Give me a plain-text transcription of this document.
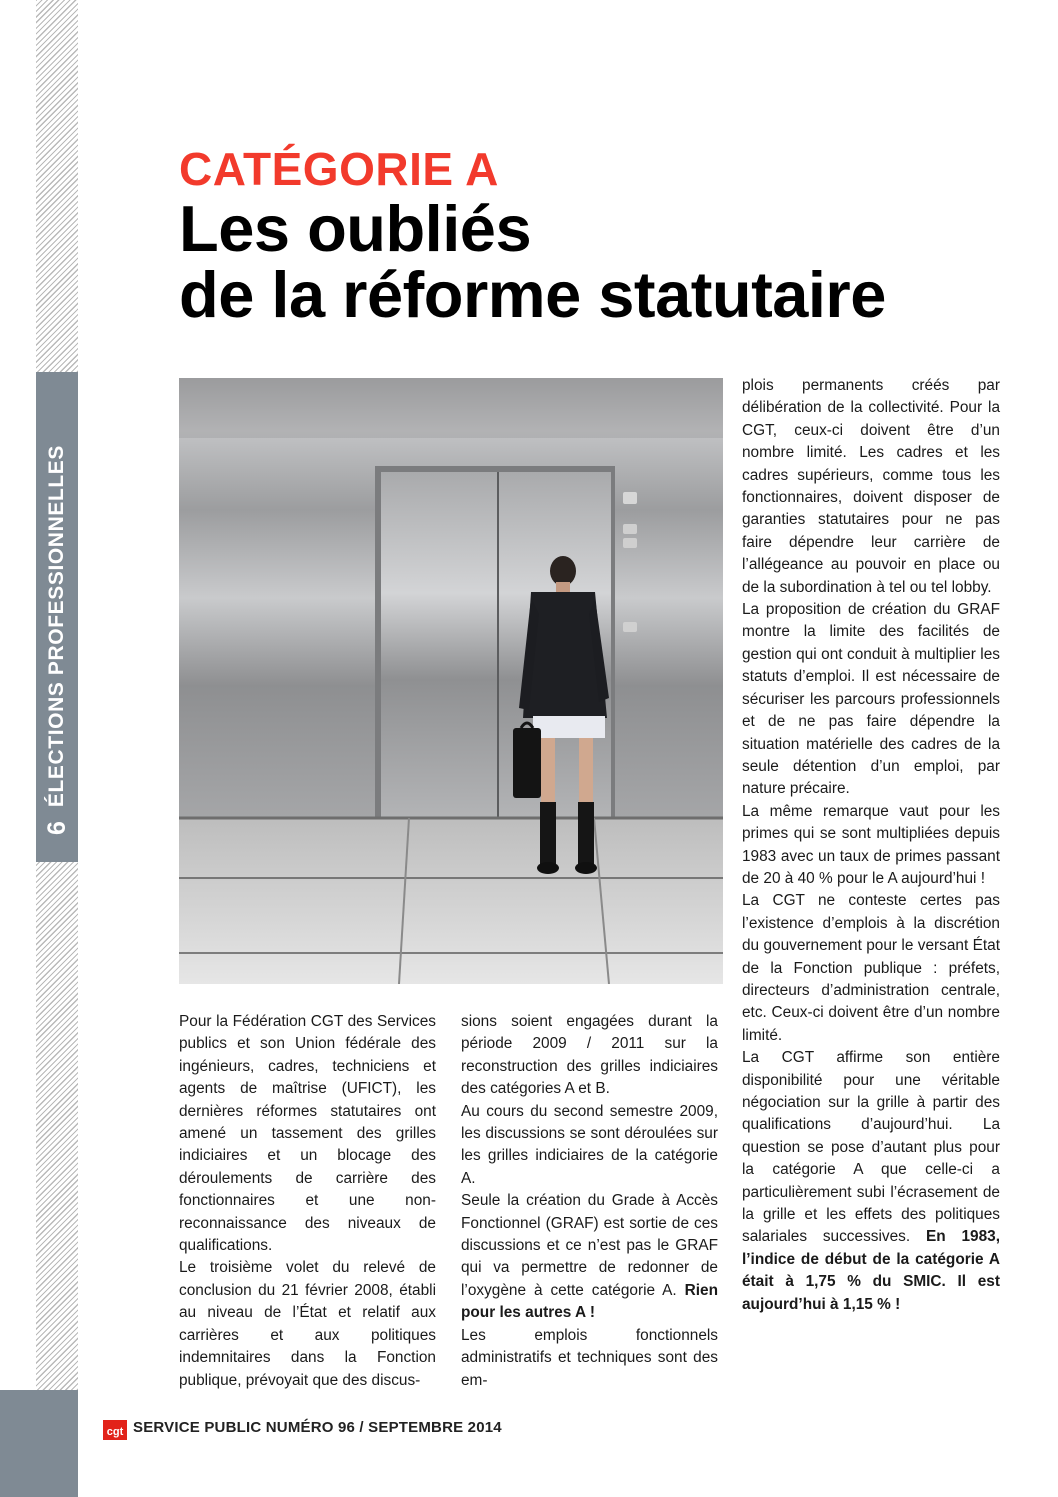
6
ÉLECTIONS PROFESSIONNELLES
CATÉGORIE A
Les oubliés
de la réforme statutaire

Pour la Fédération CGT des Services publics et son Union fédérale des ingénieurs, cadres, techniciens et agents de maîtrise (UFICT), les dernières réformes statutaires ont amené un tassement des grilles indiciaires et un blocage des déroulements de carrière des fonctionnaires et une non-reconnaissance des niveaux de qualifications.

Le troisième volet du relevé de conclusion du 21 février 2008, établi au niveau de l’État et relatif aux carrières et aux politiques indemnitaires dans la Fonction publique, prévoyait que des discus-

sions soient engagées durant la période 2009 / 2011 sur la reconstruction des grilles indiciaires des catégories A et B.

Au cours du second semestre 2009, les discussions se sont déroulées sur les grilles indiciaires de la catégorie A.

Seule la création du Grade à Accès Fonctionnel (GRAF) est sortie de ces discussions et ce n’est pas le GRAF qui va permettre de redonner de l’oxygène à cette catégorie A. Rien pour les autres A !

Les emplois fonctionnels administratifs et techniques sont des em-

plois permanents créés par délibération de la collectivité. Pour la CGT, ceux-ci doivent être d’un nombre limité. Les cadres et les cadres supérieurs, comme tous les fonctionnaires, doivent disposer de garanties statutaires pour ne pas faire dépendre leur carrière de l’allégeance au pouvoir en place ou de la subordination à tel ou tel lobby.

La proposition de création du GRAF montre la limite des facilités de gestion qui ont conduit à multiplier les statuts d’emploi. Il est nécessaire de sécuriser les parcours professionnels et de ne pas faire dépendre la situation matérielle des cadres de la seule détention d’un emploi, par nature précaire.

La même remarque vaut pour les primes qui se sont multipliées depuis 1983 avec un taux de primes passant de 20 à 40 % pour le A aujourd’hui !

La CGT ne conteste certes pas l’existence d’emplois à la discrétion du gouvernement pour le versant État de la Fonction publique : préfets, directeurs d’administration centrale, etc. Ceux-ci doivent être d’un nombre limité.

La CGT affirme son entière disponibilité pour une véritable négociation sur la grille à partir des qualifications d’aujourd’hui. La question se pose d’autant plus pour la catégorie A que celle-ci a particulièrement subi l’écrasement de la grille et les effets des politiques salariales successives. En 1983, l’indice de début de la catégorie A était à 1,75 % du SMIC. Il est aujourd’hui à 1,15 % !

cgt SERVICE PUBLIC NUMÉRO 96 / SEPTEMBRE 2014
